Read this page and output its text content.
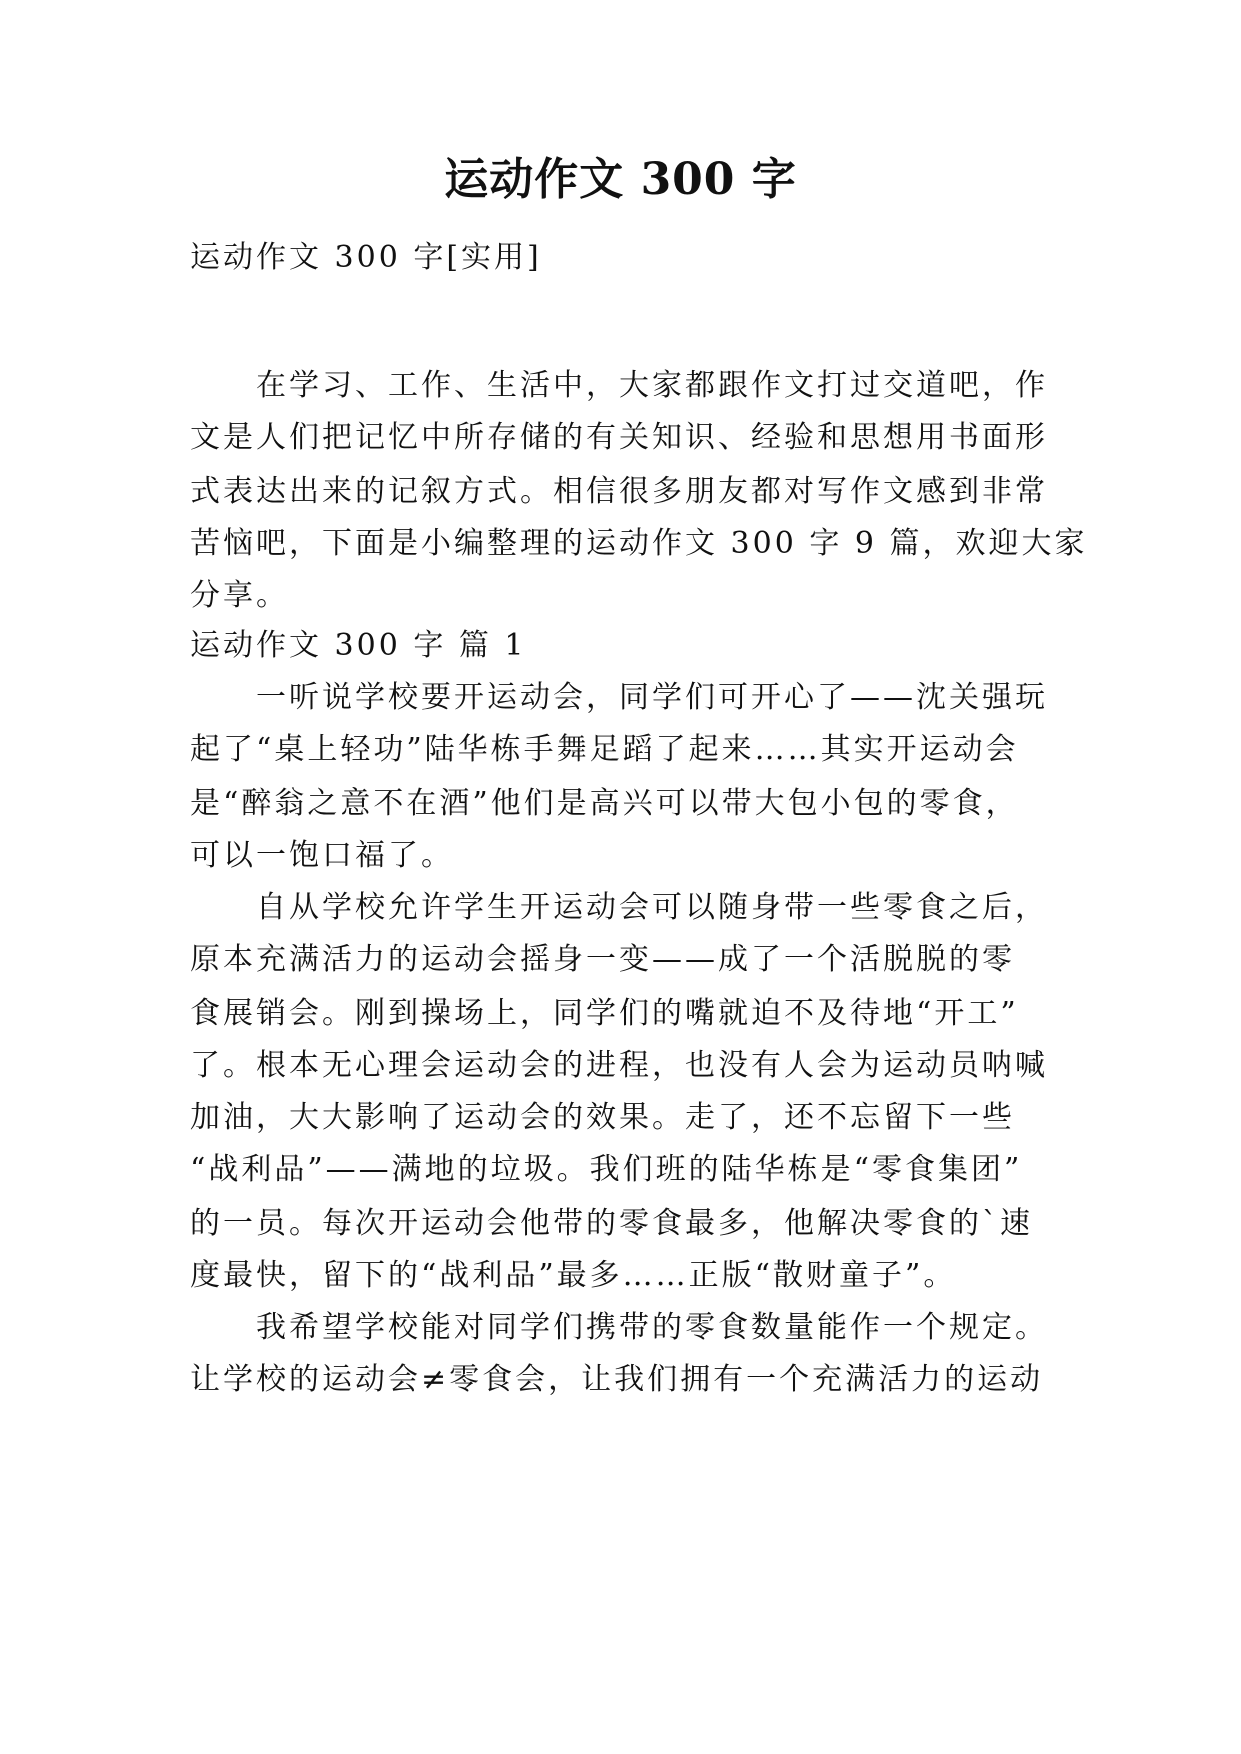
运动作文 300 字
运动作文 300 字[实用]
在学习、工作、生活中，大家都跟作文打过交道吧，作
文是人们把记忆中所存储的有关知识、经验和思想用书面形
式表达出来的记叙方式。相信很多朋友都对写作文感到非常
苦恼吧，下面是小编整理的运动作文 300 字 9 篇，欢迎大家
分享。
运动作文 300 字 篇 1
一听说学校要开运动会，同学们可开心了——沈关强玩
起了“桌上轻功”陆华栋手舞足蹈了起来……其实开运动会
是“醉翁之意不在酒”他们是高兴可以带大包小包的零食，
可以一饱口福了。
自从学校允许学生开运动会可以随身带一些零食之后，
原本充满活力的运动会摇身一变——成了一个活脱脱的零
食展销会。刚到操场上，同学们的嘴就迫不及待地“开工”
了。根本无心理会运动会的进程，也没有人会为运动员呐喊
加油，大大影响了运动会的效果。走了，还不忘留下一些
“战利品”——满地的垃圾。我们班的陆华栋是“零食集团”
的一员。每次开运动会他带的零食最多，他解决零食的`速
度最快，留下的“战利品”最多……正版“散财童子”。
我希望学校能对同学们携带的零食数量能作一个规定。
让学校的运动会≠零食会，让我们拥有一个充满活力的运动
